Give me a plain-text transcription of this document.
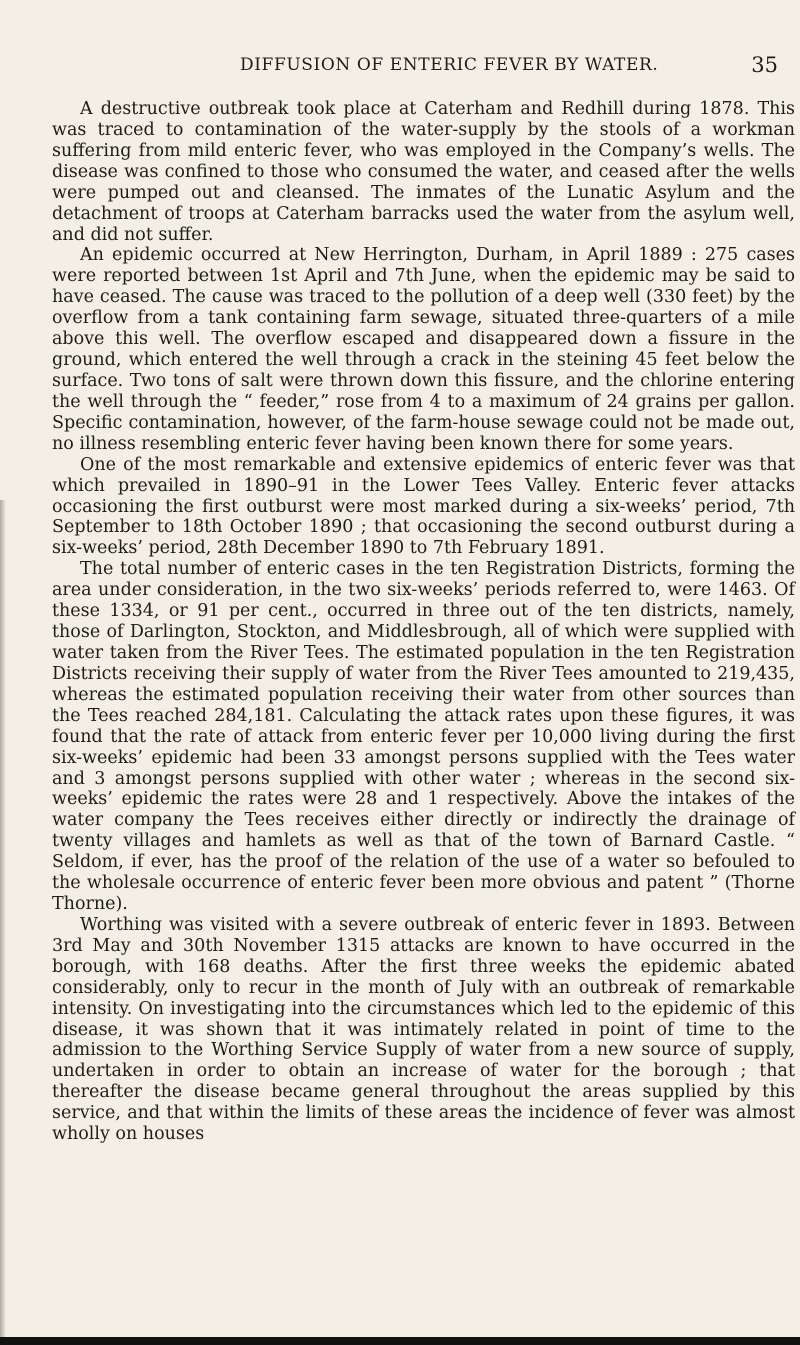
DIFFUSION OF ENTERIC FEVER BY WATER.	35

A destructive outbreak took place at Caterham and Redhill during 1878. This was traced to contamination of the water-supply by the stools of a workman suffering from mild enteric fever, who was employed in the Company’s wells. The disease was confined to those who consumed the water, and ceased after the wells were pumped out and cleansed. The inmates of the Lunatic Asylum and the detachment of troops at Caterham barracks used the water from the asylum well, and did not suffer.

An epidemic occurred at New Herrington, Durham, in April 1889 : 275 cases were reported between 1st April and 7th June, when the epidemic may be said to have ceased. The cause was traced to the pollution of a deep well (330 feet) by the overflow from a tank containing farm sewage, situated three-quarters of a mile above this well. The overflow escaped and disappeared down a fissure in the ground, which entered the well through a crack in the steining 45 feet below the surface. Two tons of salt were thrown down this fissure, and the chlorine entering the well through the “ feeder,” rose from 4 to a maximum of 24 grains per gallon. Specific contamination, however, of the farm-house sewage could not be made out, no illness resembling enteric fever having been known there for some years.

One of the most remarkable and extensive epidemics of enteric fever was that which prevailed in 1890–91 in the Lower Tees Valley. Enteric fever attacks occasioning the first outburst were most marked during a six-weeks’ period, 7th September to 18th October 1890 ; that occasioning the second outburst during a six-weeks’ period, 28th December 1890 to 7th February 1891.

The total number of enteric cases in the ten Registration Districts, forming the area under consideration, in the two six-weeks’ periods referred to, were 1463. Of these 1334, or 91 per cent., occurred in three out of the ten districts, namely, those of Darlington, Stockton, and Middlesbrough, all of which were supplied with water taken from the River Tees. The estimated population in the ten Registration Districts receiving their supply of water from the River Tees amounted to 219,435, whereas the estimated population receiving their water from other sources than the Tees reached 284,181. Calculating the attack rates upon these figures, it was found that the rate of attack from enteric fever per 10,000 living during the first six-weeks’ epidemic had been 33 amongst persons supplied with the Tees water and 3 amongst persons supplied with other water ; whereas in the second six-weeks’ epidemic the rates were 28 and 1 respectively. Above the intakes of the water company the Tees receives either directly or indirectly the drainage of twenty villages and hamlets as well as that of the town of Barnard Castle. “ Seldom, if ever, has the proof of the relation of the use of a water so befouled to the wholesale occurrence of enteric fever been more obvious and patent ” (Thorne Thorne).

Worthing was visited with a severe outbreak of enteric fever in 1893. Between 3rd May and 30th November 1315 attacks are known to have occurred in the borough, with 168 deaths. After the first three weeks the epidemic abated considerably, only to recur in the month of July with an outbreak of remarkable intensity. On investigating into the circumstances which led to the epidemic of this disease, it was shown that it was intimately related in point of time to the admission to the Worthing Service Supply of water from a new source of supply, undertaken in order to obtain an increase of water for the borough ; that thereafter the disease became general throughout the areas supplied by this service, and that within the limits of these areas the incidence of fever was almost wholly on houses
